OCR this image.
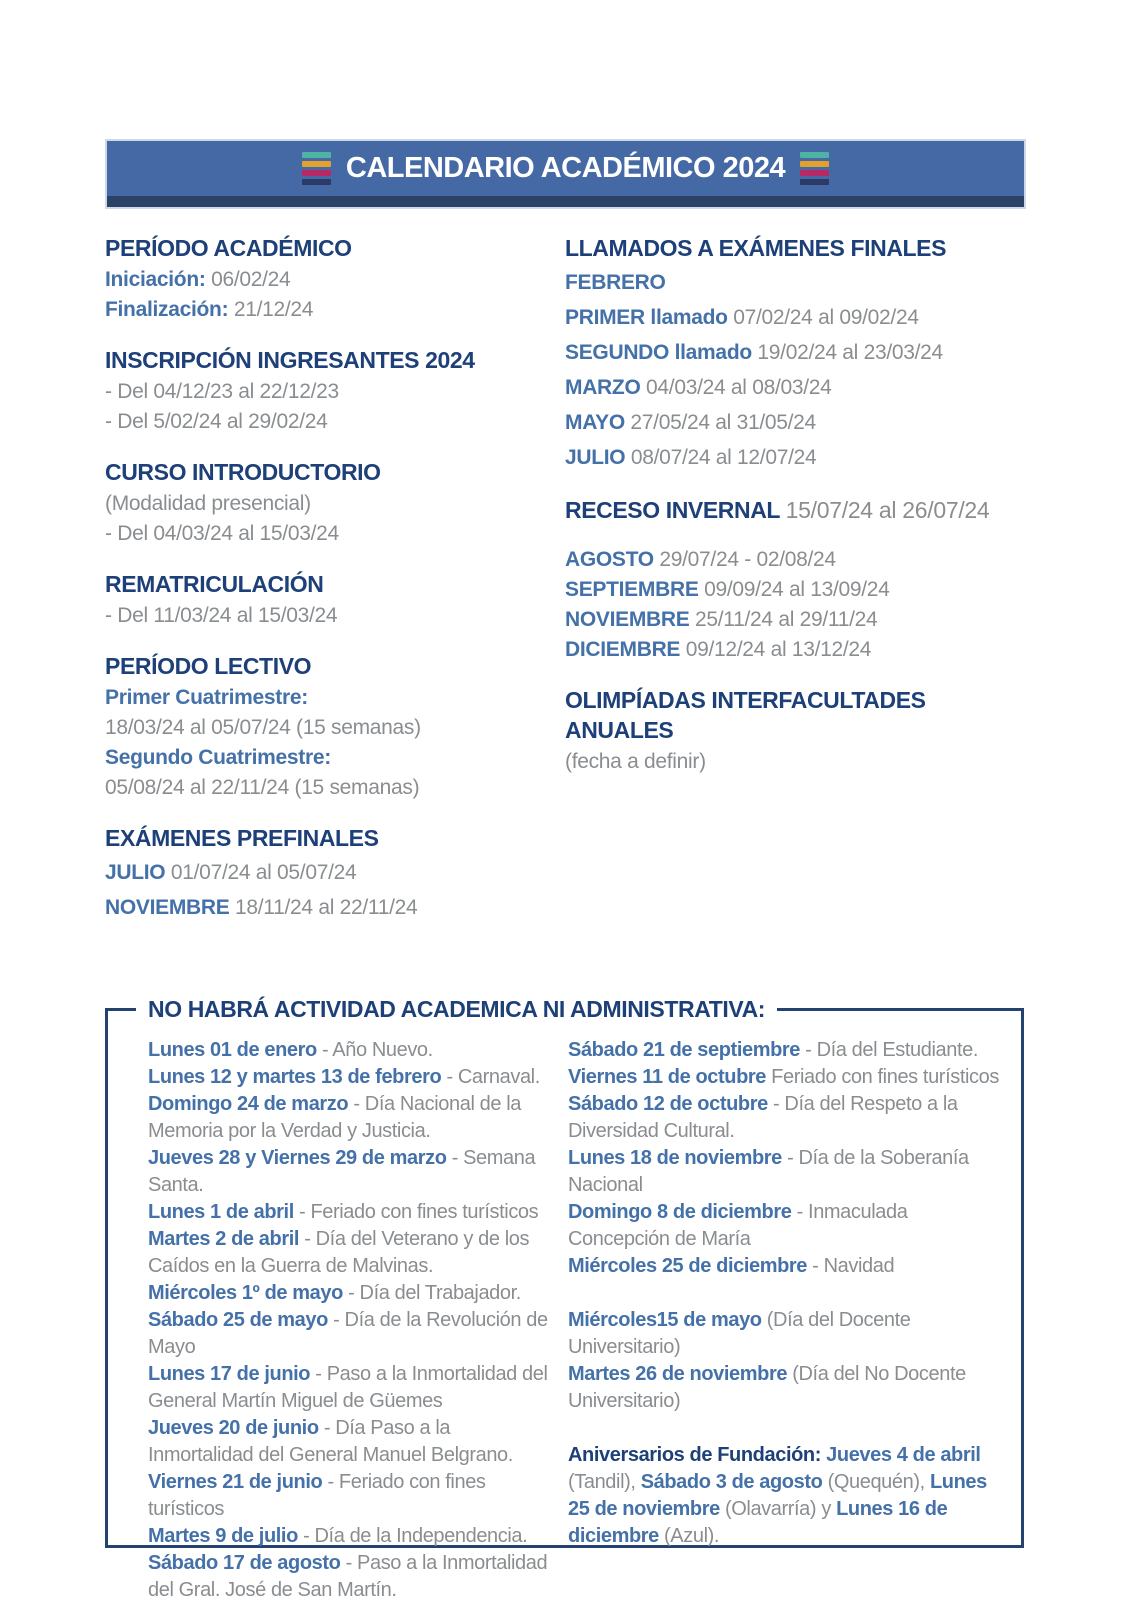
CALENDARIO ACADÉMICO 2024
PERÍODO ACADÉMICO
Iniciación: 06/02/24
Finalización: 21/12/24
INSCRIPCIÓN INGRESANTES 2024
- Del 04/12/23 al 22/12/23
- Del 5/02/24 al 29/02/24
CURSO INTRODUCTORIO
(Modalidad presencial)
- Del 04/03/24 al 15/03/24
REMATRICULACIÓN
- Del 11/03/24 al 15/03/24
PERÍODO LECTIVO
Primer Cuatrimestre:
18/03/24 al 05/07/24 (15 semanas)
Segundo Cuatrimestre:
05/08/24 al 22/11/24 (15 semanas)
EXÁMENES PREFINALES
JULIO 01/07/24 al 05/07/24
NOVIEMBRE 18/11/24 al 22/11/24
LLAMADOS A EXÁMENES FINALES
FEBRERO
PRIMER llamado 07/02/24 al 09/02/24
SEGUNDO llamado 19/02/24 al 23/03/24
MARZO 04/03/24 al 08/03/24
MAYO 27/05/24 al 31/05/24
JULIO 08/07/24 al 12/07/24
RECESO INVERNAL 15/07/24 al 26/07/24
AGOSTO 29/07/24 - 02/08/24
SEPTIEMBRE 09/09/24 al 13/09/24
NOVIEMBRE 25/11/24 al 29/11/24
DICIEMBRE 09/12/24 al 13/12/24
OLIMPÍADAS INTERFACULTADES ANUALES
(fecha a definir)
NO HABRÁ ACTIVIDAD ACADEMICA NI ADMINISTRATIVA:
Lunes 01 de enero - Año Nuevo.
Lunes 12 y martes 13 de febrero - Carnaval.
Domingo 24 de marzo - Día Nacional de la Memoria por la Verdad y Justicia.
Jueves 28 y Viernes 29 de marzo - Semana Santa.
Lunes 1 de abril - Feriado con fines turísticos
Martes 2 de abril - Día del Veterano y de los Caídos en la Guerra de Malvinas.
Miércoles 1º de mayo - Día del Trabajador.
Sábado 25 de mayo - Día de la Revolución de Mayo
Lunes 17 de junio - Paso a la Inmortalidad del General Martín Miguel de Güemes
Jueves 20 de junio - Día Paso a la Inmortalidad del General Manuel Belgrano.
Viernes 21 de junio - Feriado con fines turísticos
Martes 9 de julio - Día de la Independencia.
Sábado 17 de agosto - Paso a la Inmortalidad del Gral. José de San Martín.
Sábado 21 de septiembre - Día del Estudiante.
Viernes 11 de octubre Feriado con fines turísticos
Sábado 12 de octubre - Día del Respeto a la Diversidad Cultural.
Lunes 18 de noviembre - Día de la Soberanía Nacional
Domingo 8 de diciembre - Inmaculada Concepción de María
Miércoles 25 de diciembre - Navidad
Miércoles15 de mayo (Día del Docente Universitario)
Martes 26 de noviembre (Día del No Docente Universitario)
Aniversarios de Fundación: Jueves 4 de abril (Tandil), Sábado 3 de agosto (Quequén), Lunes 25 de noviembre (Olavarría) y Lunes 16 de diciembre (Azul).
